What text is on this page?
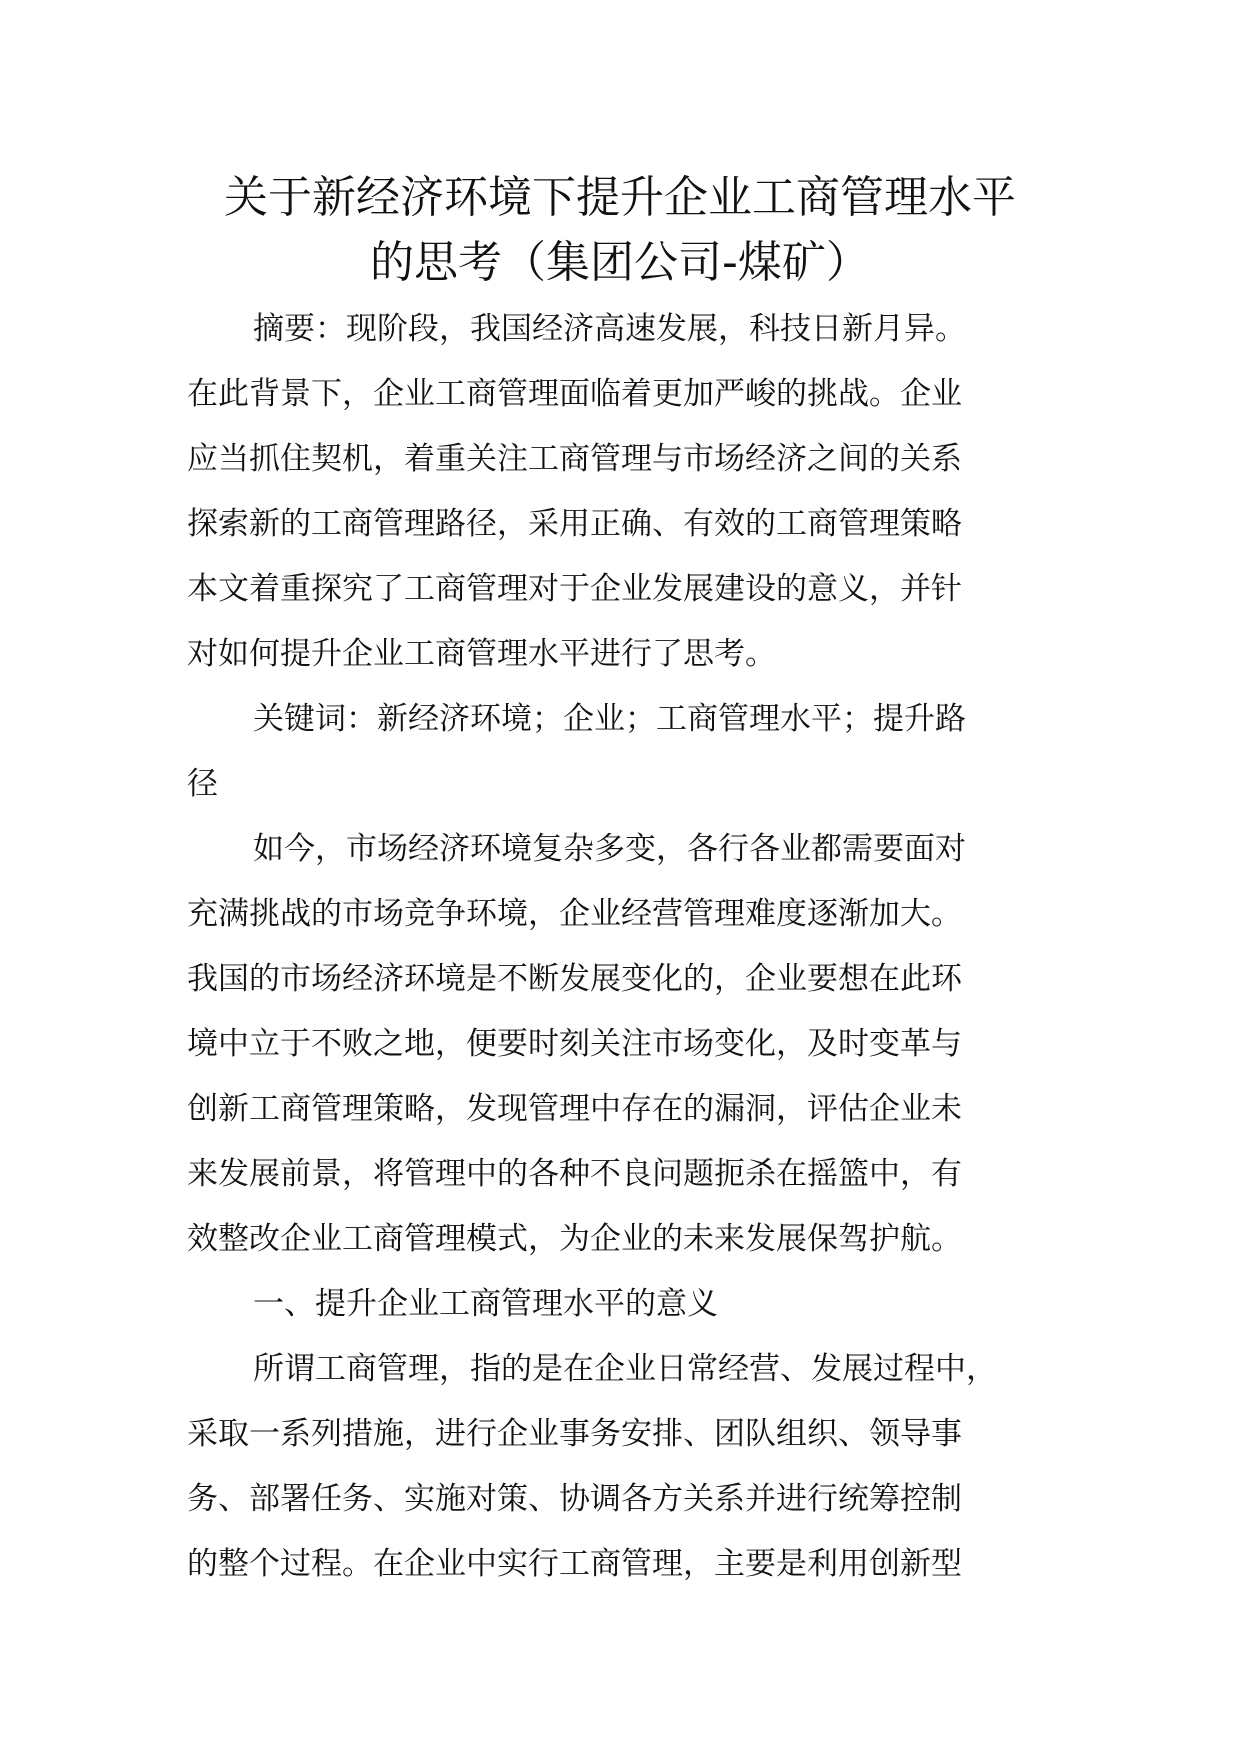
关于新经济环境下提升企业工商管理水平
的思考（集团公司-煤矿）

摘要：现阶段，我国经济高速发展，科技日新月异。
在此背景下，企业工商管理面临着更加严峻的挑战。企业
应当抓住契机，着重关注工商管理与市场经济之间的关系
探索新的工商管理路径，采用正确、有效的工商管理策略
本文着重探究了工商管理对于企业发展建设的意义，并针
对如何提升企业工商管理水平进行了思考。

关键词：新经济环境；企业；工商管理水平；提升路
径

如今，市场经济环境复杂多变，各行各业都需要面对
充满挑战的市场竞争环境，企业经营管理难度逐渐加大。
我国的市场经济环境是不断发展变化的，企业要想在此环
境中立于不败之地，便要时刻关注市场变化，及时变革与
创新工商管理策略，发现管理中存在的漏洞，评估企业未
来发展前景，将管理中的各种不良问题扼杀在摇篮中，有
效整改企业工商管理模式，为企业的未来发展保驾护航。

一、提升企业工商管理水平的意义

所谓工商管理，指的是在企业日常经营、发展过程中，
采取一系列措施，进行企业事务安排、团队组织、领导事
务、部署任务、实施对策、协调各方关系并进行统筹控制
的整个过程。在企业中实行工商管理，主要是利用创新型
